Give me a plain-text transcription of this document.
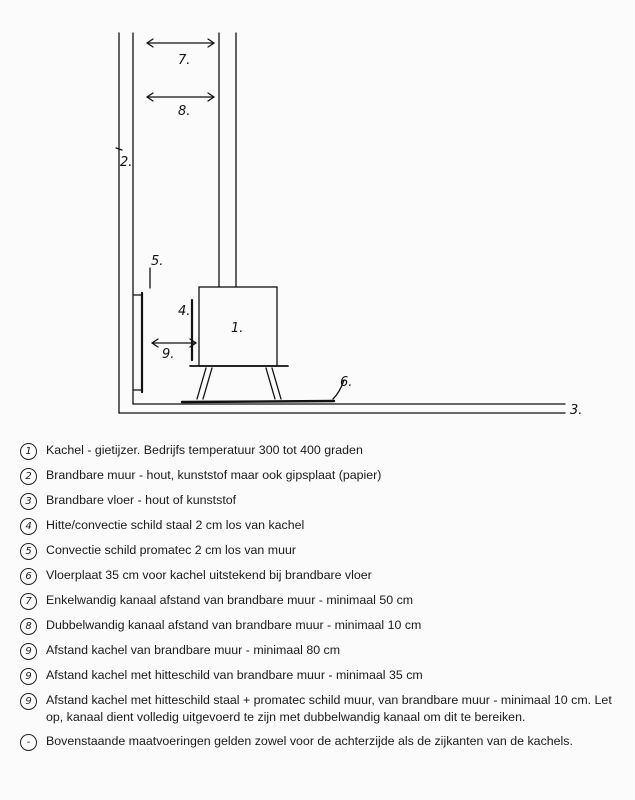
1.
2.
3.
4.
5.
6.
7.
8.
9.
1	Kachel - gietijzer. Bedrijfs temperatuur 300 tot 400 graden
2	Brandbare muur - hout, kunststof maar ook gipsplaat (papier)
3	Brandbare vloer - hout of kunststof
4	Hitte/convectie schild staal 2 cm los van kachel
5	Convectie schild promatec 2 cm los van muur
6	Vloerplaat 35 cm voor kachel uitstekend bij brandbare vloer
7	Enkelwandig kanaal afstand van brandbare muur - minimaal 50 cm
8	Dubbelwandig kanaal afstand van brandbare muur - minimaal 10 cm
9	Afstand kachel van brandbare muur - minimaal 80 cm
9	Afstand kachel met hitteschild van brandbare muur - minimaal 35 cm
9	Afstand kachel met hitteschild staal + promatec schild muur, van brandbare muur - minimaal 10 cm. Let op, kanaal dient volledig uitgevoerd te zijn met dubbelwandig kanaal om dit te bereiken.
-	Bovenstaande maatvoeringen gelden zowel voor de achterzijde als de zijkanten van de kachels.
